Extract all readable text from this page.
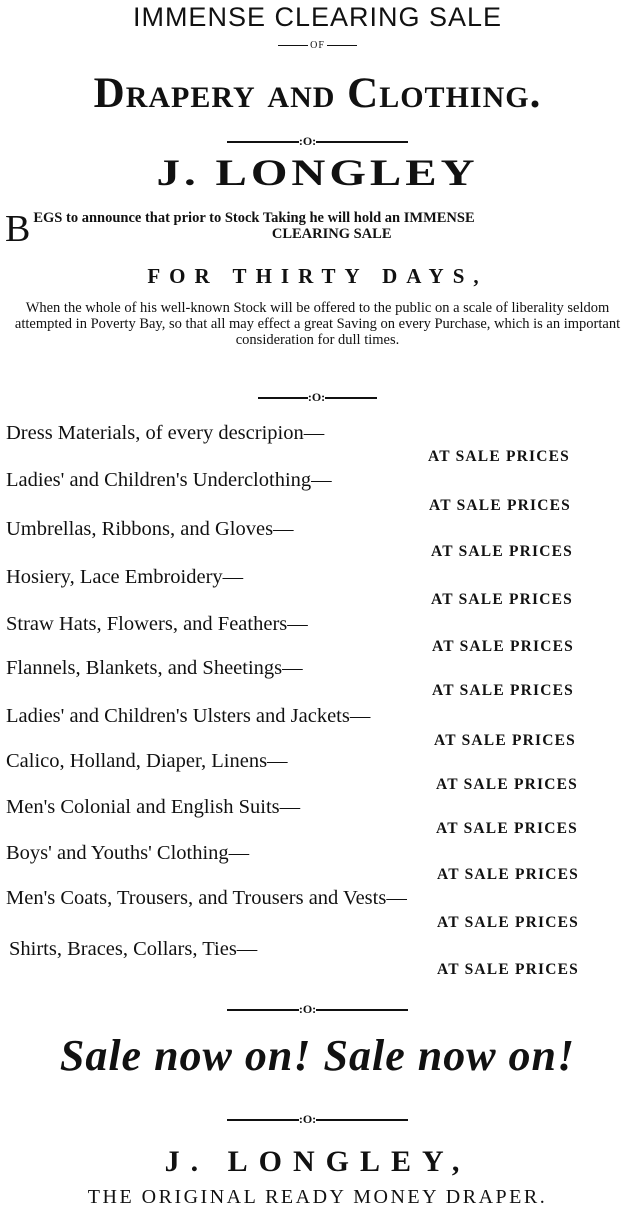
IMMENSE CLEARING SALE
OF
Drapery and Clothing.
:O:
J. LONGLEY
B EGS to announce that prior to Stock Taking he will hold an IMMENSE
CLEARING SALE
FOR THIRTY DAYS,
When the whole of his well-known Stock will be offered to the public on a scale of liberality seldom attempted in Poverty Bay, so that all may effect a great Saving on every Purchase, which is an important consideration for dull times.
:O:
Dress Materials, of every descripion—
AT SALE PRICES
Ladies' and Children's Underclothing—
AT SALE PRICES
Umbrellas, Ribbons, and Gloves—
AT SALE PRICES
Hosiery, Lace Embroidery—
AT SALE PRICES
Straw Hats, Flowers, and Feathers—
AT SALE PRICES
Flannels, Blankets, and Sheetings—
AT SALE PRICES
Ladies' and Children's Ulsters and Jackets—
AT SALE PRICES
Calico, Holland, Diaper, Linens—
AT SALE PRICES
Men's Colonial and English Suits—
AT SALE PRICES
Boys' and Youths' Clothing—
AT SALE PRICES
Men's Coats, Trousers, and Trousers and Vests—
AT SALE PRICES
Shirts, Braces, Collars, Ties—
AT SALE PRICES
:O:
Sale now on! Sale now on!
:O:
J. LONGLEY,
THE ORIGINAL READY MONEY DRAPER.
